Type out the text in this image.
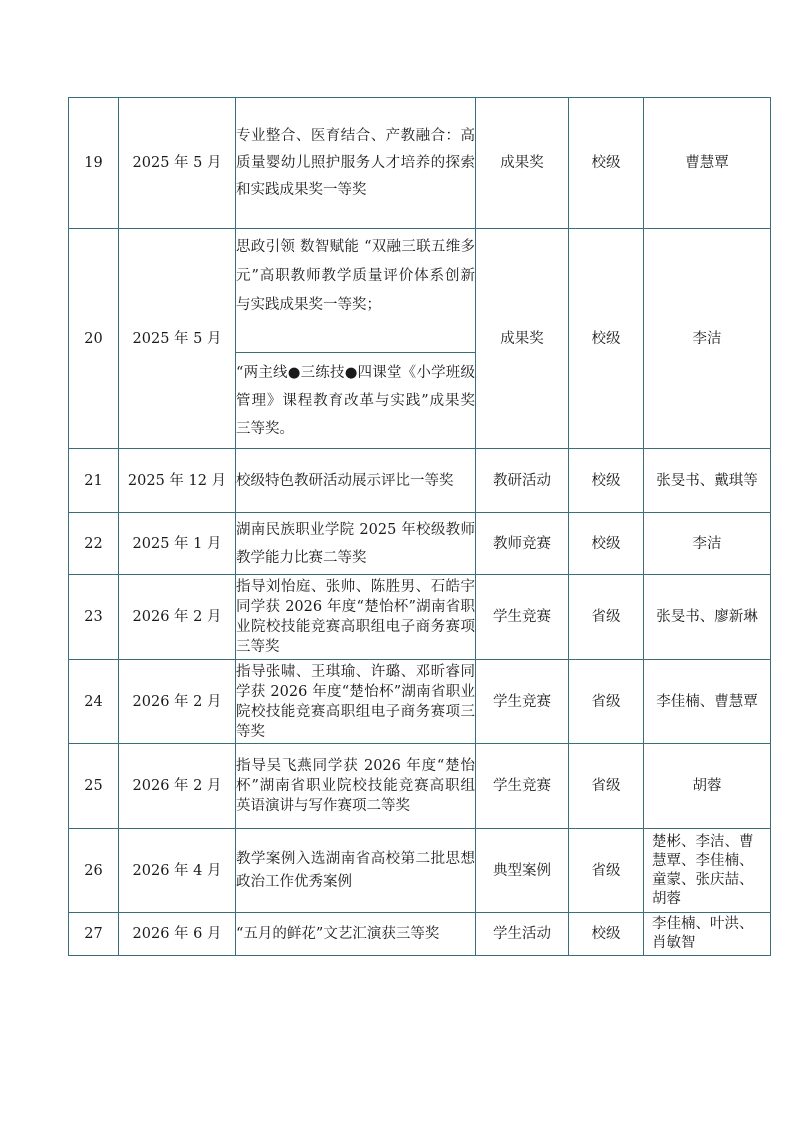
19	2025 年 5 月	专业整合、医育结合、产教融合：高质量婴幼儿照护服务人才培养的探索和实践成果奖一等奖	成果奖	校级	曹慧覃
20	2025 年 5 月	思政引领 数智赋能 “双融三联五维多元”高职教师教学质量评价体系创新与实践成果奖一等奖；	成果奖	校级	李洁
		“两主线●三练技●四课堂《小学班级管理》课程教育改革与实践”成果奖三等奖。			
21	2025 年 12 月	校级特色教研活动展示评比一等奖	教研活动	校级	张旻书、戴琪等
22	2025 年 1 月	湖南民族职业学院 2025 年校级教师教学能力比赛二等奖	教师竞赛	校级	李洁
23	2026 年 2 月	指导刘怡庭、张帅、陈胜男、石皓宇同学获 2026 年度“楚怡杯”湖南省职业院校技能竞赛高职组电子商务赛项三等奖	学生竞赛	省级	张旻书、廖新琳
24	2026 年 2 月	指导张啸、王琪瑜、许璐、邓昕睿同学获 2026 年度“楚怡杯”湖南省职业院校技能竞赛高职组电子商务赛项三等奖	学生竞赛	省级	李佳楠、曹慧覃
25	2026 年 2 月	指导吴飞燕同学获 2026 年度“楚怡杯”湖南省职业院校技能竞赛高职组英语演讲与写作赛项二等奖	学生竞赛	省级	胡蓉
26	2026 年 4 月	教学案例入选湖南省高校第二批思想政治工作优秀案例	典型案例	省级	楚彬、李洁、曹慧覃、李佳楠、童蒙、张庆喆、胡蓉
27	2026 年 6 月	“五月的鲜花”文艺汇演获三等奖	学生活动	校级	李佳楠、叶洪、肖敏智
